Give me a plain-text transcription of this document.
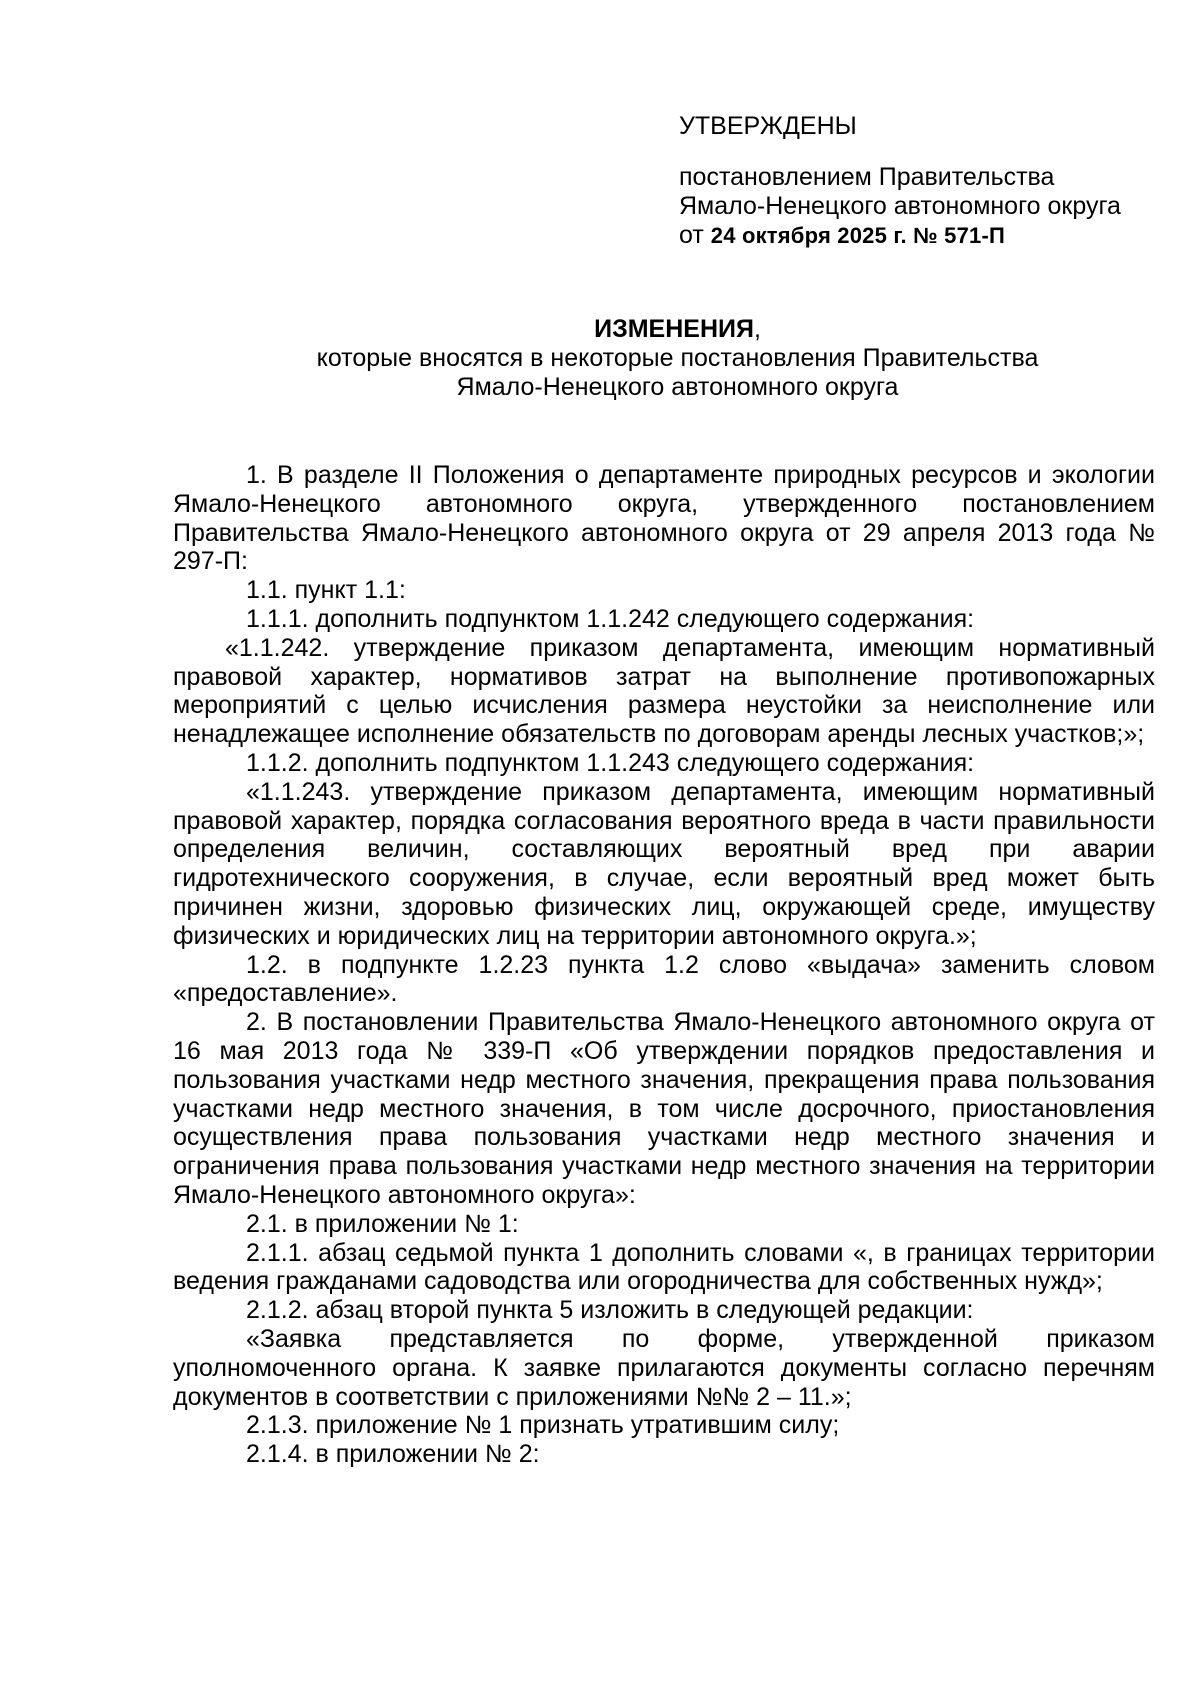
УТВЕРЖДЕНЫ
постановлением Правительства
Ямало-Ненецкого автономного округа
от 24 октября 2025 г. № 571-П
ИЗМЕНЕНИЯ,
которые вносятся в некоторые постановления Правительства
Ямало-Ненецкого автономного округа

1. В разделе II Положения о департаменте природных ресурсов и экологии Ямало-Ненецкого автономного округа, утвержденного постановлением Правительства Ямало-Ненецкого автономного округа от 29 апреля 2013 года № 297-П:

1.1. пункт 1.1:

1.1.1. дополнить подпунктом 1.1.242 следующего содержания:

«1.1.242. утверждение приказом департамента, имеющим нормативный правовой характер, нормативов затрат на выполнение противопожарных мероприятий с целью исчисления размера неустойки за неисполнение или ненадлежащее исполнение обязательств по договорам аренды лесных участков;»;

1.1.2. дополнить подпунктом 1.1.243 следующего содержания:

«1.1.243. утверждение приказом департамента, имеющим нормативный правовой характер, порядка согласования вероятного вреда в части правильности определения величин, составляющих вероятный вред при аварии гидротехнического сооружения, в случае, если вероятный вред может быть причинен жизни, здоровью физических лиц, окружающей среде, имуществу физических и юридических лиц на территории автономного округа.»;

1.2. в подпункте 1.2.23 пункта 1.2 слово «выдача» заменить словом «предоставление».

2. В постановлении Правительства Ямало-Ненецкого автономного округа от 16 мая 2013 года № 339-П «Об утверждении порядков предоставления и пользования участками недр местного значения, прекращения права пользования участками недр местного значения, в том числе досрочного, приостановления осуществления права пользования участками недр местного значения и ограничения права пользования участками недр местного значения на территории Ямало-Ненецкого автономного округа»:

2.1. в приложении № 1:

2.1.1. абзац седьмой пункта 1 дополнить словами «, в границах территории ведения гражданами садоводства или огородничества для собственных нужд»;

2.1.2. абзац второй пункта 5 изложить в следующей редакции:

«Заявка представляется по форме, утвержденной приказом уполномоченного органа. К заявке прилагаются документы согласно перечням документов в соответствии с приложениями №№ 2 – 11.»;

2.1.3. приложение № 1 признать утратившим силу;

2.1.4. в приложении № 2:
